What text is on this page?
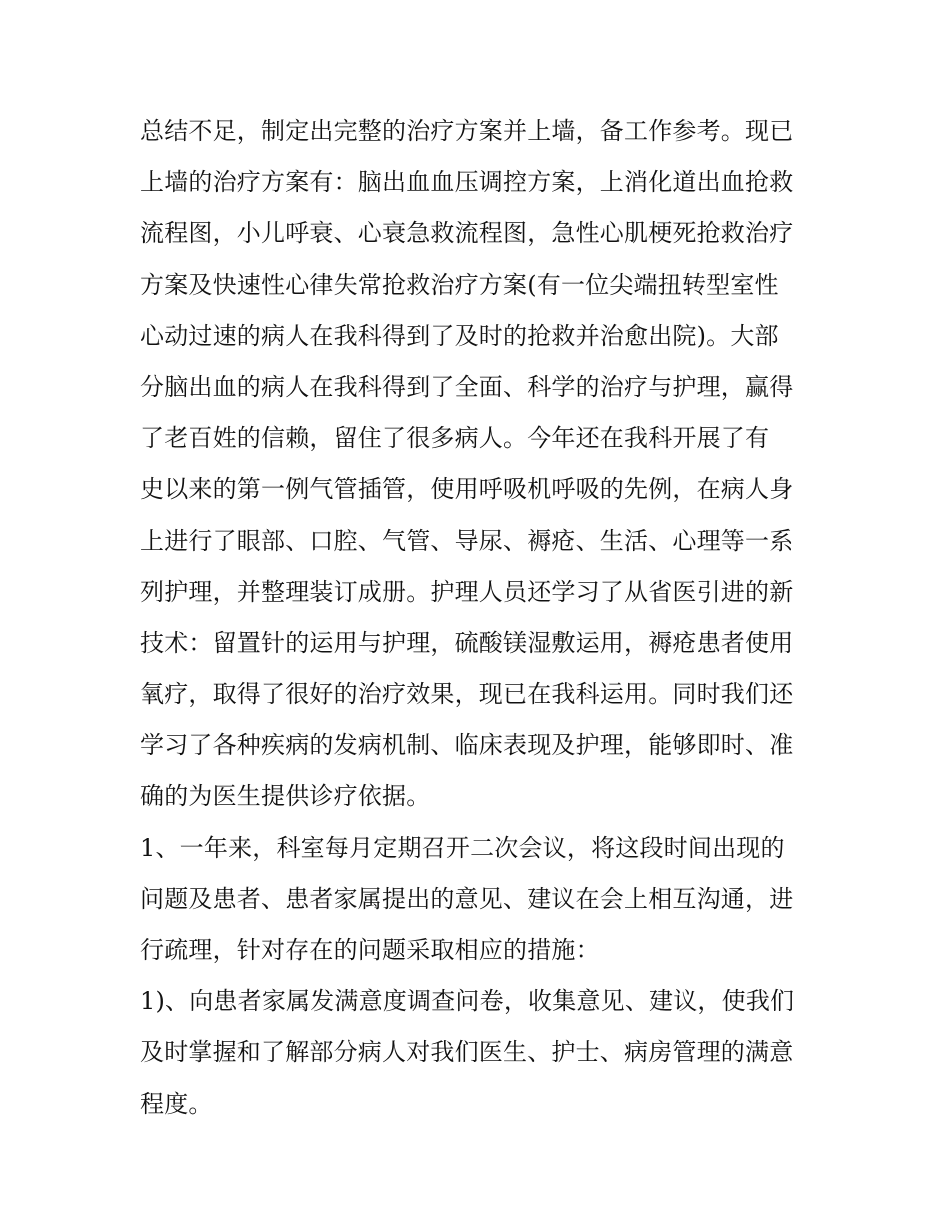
总结不足，制定出完整的治疗方案并上墙，备工作参考。现已
上墙的治疗方案有：脑出血血压调控方案，上消化道出血抢救
流程图，小儿呼衰、心衰急救流程图，急性心肌梗死抢救治疗
方案及快速性心律失常抢救治疗方案(有一位尖端扭转型室性
心动过速的病人在我科得到了及时的抢救并治愈出院)。大部
分脑出血的病人在我科得到了全面、科学的治疗与护理，赢得
了老百姓的信赖，留住了很多病人。今年还在我科开展了有
史以来的第一例气管插管，使用呼吸机呼吸的先例，在病人身
上进行了眼部、口腔、气管、导尿、褥疮、生活、心理等一系
列护理，并整理装订成册。护理人员还学习了从省医引进的新
技术：留置针的运用与护理，硫酸镁湿敷运用，褥疮患者使用
氧疗，取得了很好的治疗效果，现已在我科运用。同时我们还
学习了各种疾病的发病机制、临床表现及护理，能够即时、准
确的为医生提供诊疗依据。
1、一年来，科室每月定期召开二次会议，将这段时间出现的
问题及患者、患者家属提出的意见、建议在会上相互沟通，进
行疏理，针对存在的问题采取相应的措施：
1)、向患者家属发满意度调查问卷，收集意见、建议，使我们
及时掌握和了解部分病人对我们医生、护士、病房管理的满意
程度。
